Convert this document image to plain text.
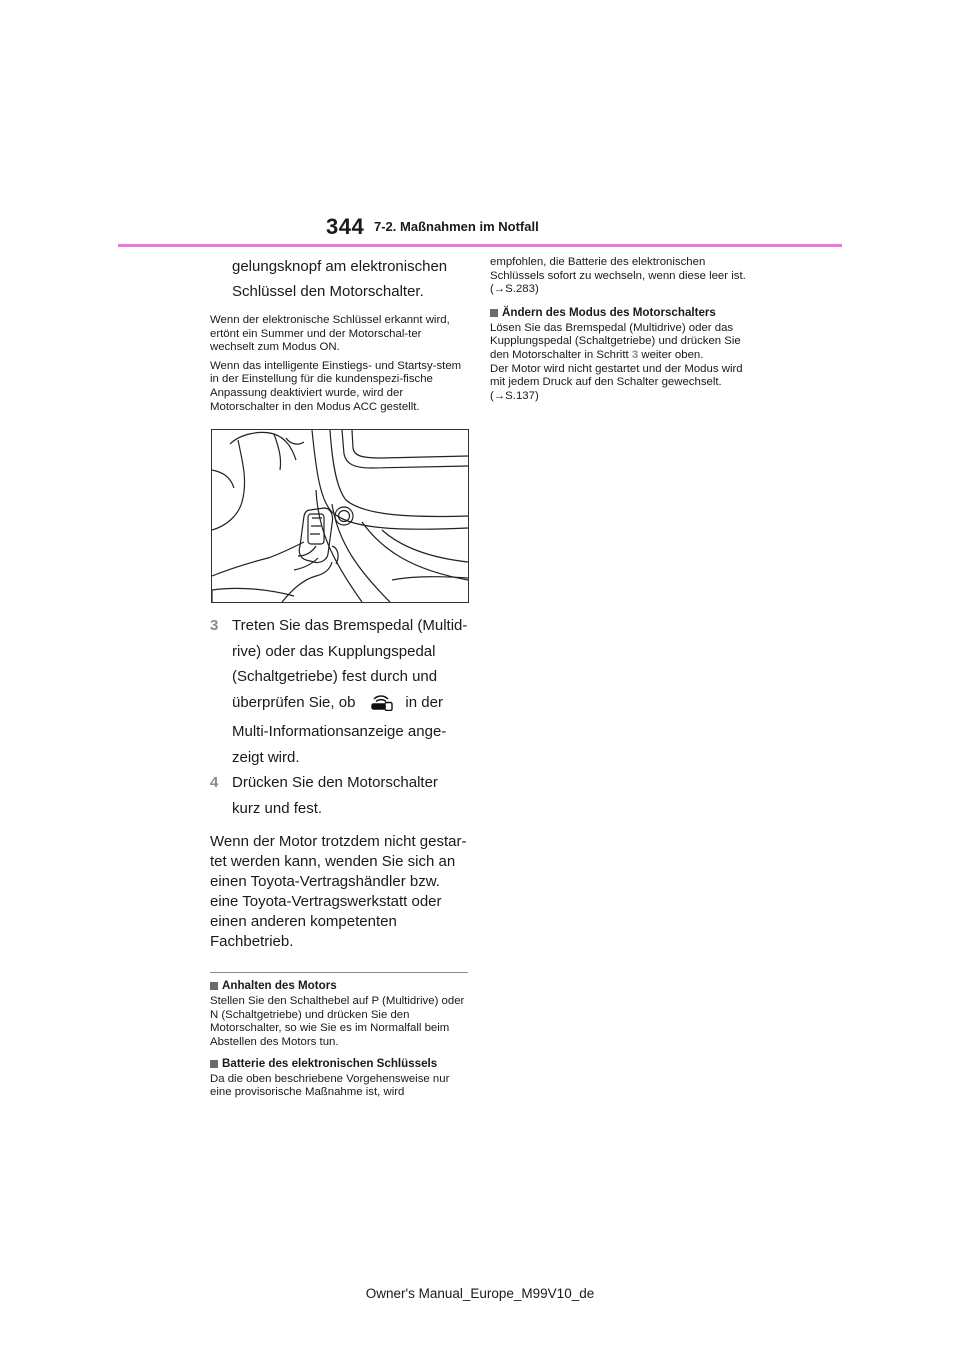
344 7-2. Maßnahmen im Notfall

gelungsknopf am elektronischen Schlüssel den Motorschalter.

Wenn der elektronische Schlüssel erkannt wird, ertönt ein Summer und der Motorschal-ter wechselt zum Modus ON.

Wenn das intelligente Einstiegs- und Startsy-stem in der Einstellung für die kundenspezi-fische Anpassung deaktiviert wurde, wird der Motorschalter in den Modus ACC gestellt.

3 Treten Sie das Bremspedal (Multid-rive) oder das Kupplungspedal (Schaltgetriebe) fest durch und überprüfen Sie, ob	in der Multi-Informationsanzeige ange-zeigt wird.

4 Drücken Sie den Motorschalter kurz und fest.

Wenn der Motor trotzdem nicht gestar-tet werden kann, wenden Sie sich an einen Toyota-Vertragshändler bzw. eine Toyota-Vertragswerkstatt oder einen anderen kompetenten Fachbetrieb.

Anhalten des Motors

Stellen Sie den Schalthebel auf P (Multidrive) oder N (Schaltgetriebe) und drücken Sie den Motorschalter, so wie Sie es im Normalfall beim Abstellen des Motors tun.

Batterie des elektronischen Schlüssels

Da die oben beschriebene Vorgehensweise nur eine provisorische Maßnahme ist, wird

empfohlen, die Batterie des elektronischen Schlüssels sofort zu wechseln, wenn diese leer ist. (→S.283)

Ändern des Modus des Motorschalters

Lösen Sie das Bremspedal (Multidrive) oder das Kupplungspedal (Schaltgetriebe) und drücken Sie den Motorschalter in Schritt 3 weiter oben.

Der Motor wird nicht gestartet und der Modus wird mit jedem Druck auf den Schalter gewechselt. (→S.137)

Owner's Manual_Europe_M99V10_de
